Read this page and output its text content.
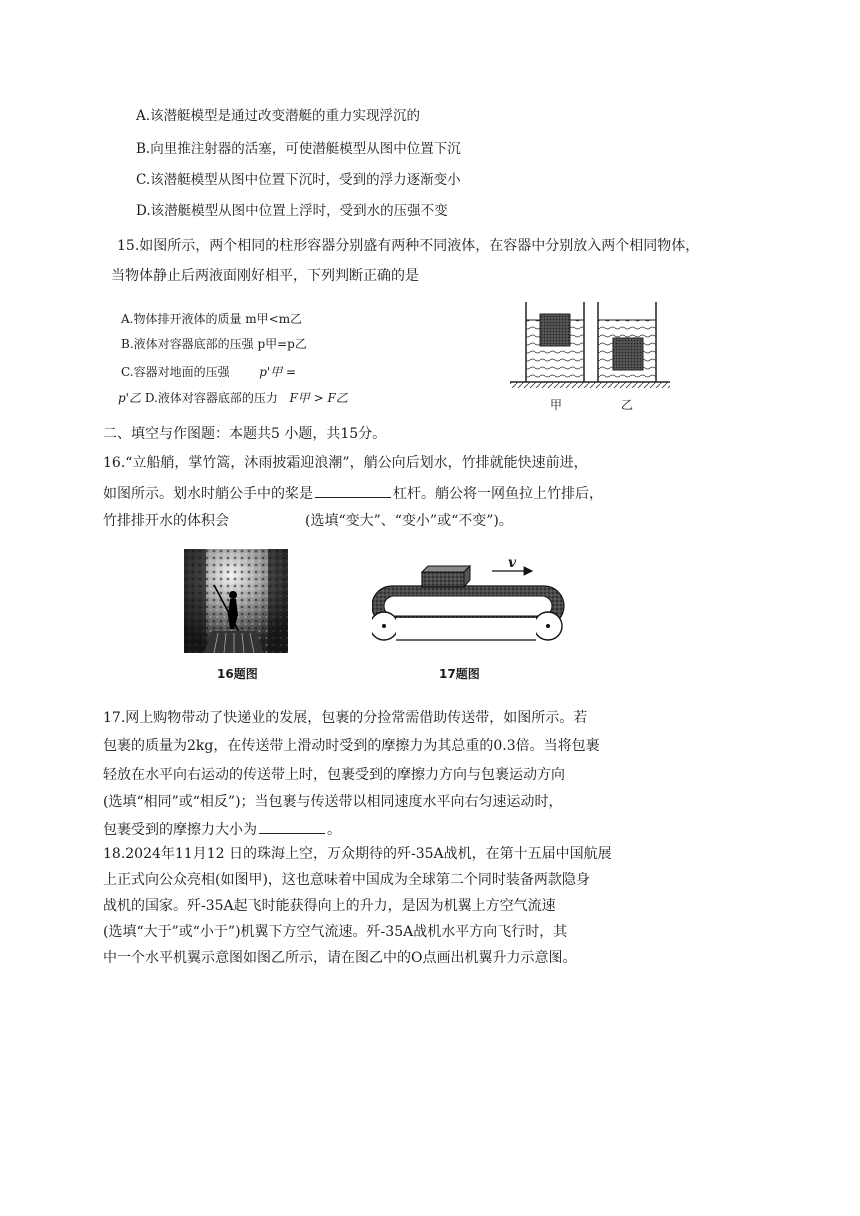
A.该潜艇模型是通过改变潜艇的重力实现浮沉的
B.向里推注射器的活塞，可使潜艇模型从图中位置下沉
C.该潜艇模型从图中位置下沉时，受到的浮力逐渐变小
D.该潜艇模型从图中位置上浮时，受到水的压强不变
15.如图所示，两个相同的柱形容器分别盛有两种不同液体，在容器中分别放入两个相同物体，
当物体静止后两液面刚好相平，下列判断正确的是
A.物体排开液体的质量 m甲<m乙
B.液体对容器底部的压强 p甲=p乙
C.容器对地面的压强 p'甲 =
p'乙 D.液体对容器底部的压力 F甲 > F乙	甲	乙
二、填空与作图题：本题共5 小题，共15分。
16.“立船艄，掌竹篙，沐雨披霜迎浪潮”，艄公向后划水，竹排就能快速前进，
如图所示。划水时艄公手中的桨是	杠杆。艄公将一网鱼拉上竹排后，
竹排排开水的体积会	(选填“变大”、“变小”或“不变”)。
16题图
v
17题图
17.网上购物带动了快递业的发展，包裹的分捡常需借助传送带，如图所示。若
包裹的质量为2kg，在传送带上滑动时受到的摩擦力为其总重的0.3倍。当将包裹
轻放在水平向右运动的传送带上时，包裹受到的摩擦力方向与包裹运动方向
(选填“相同”或“相反”)；当包裹与传送带以相同速度水平向右匀速运动时，
包裹受到的摩擦力大小为	。
18.2024年11月12 日的珠海上空，万众期待的歼-35A战机，在第十五届中国航展
上正式向公众亮相(如图甲)，这也意味着中国成为全球第二个同时装备两款隐身
战机的国家。歼-35A起飞时能获得向上的升力，是因为机翼上方空气流速
(选填“大于”或“小于”)机翼下方空气流速。歼-35A战机水平方向飞行时，其
中一个水平机翼示意图如图乙所示，请在图乙中的O点画出机翼升力示意图。
